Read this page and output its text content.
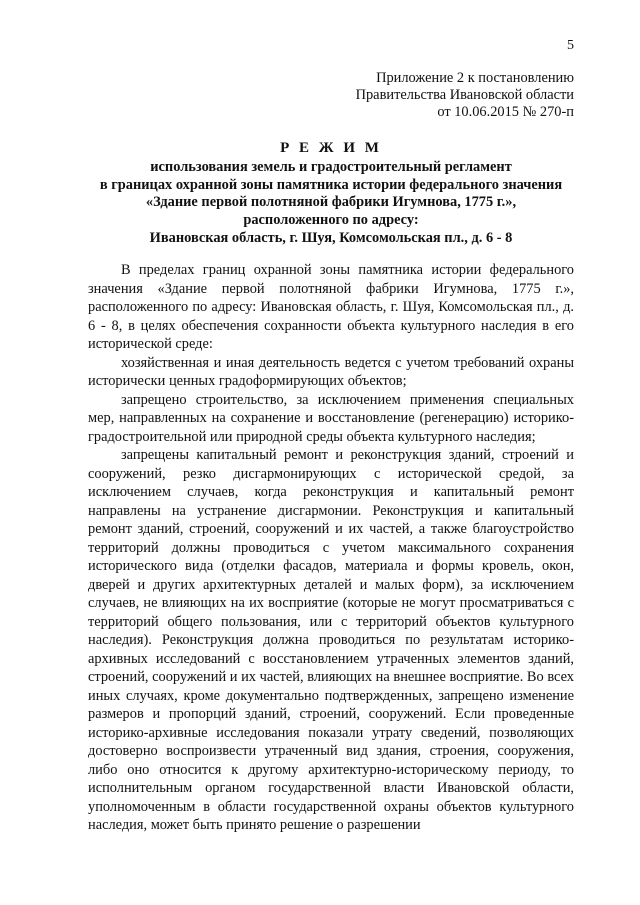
5
Приложение 2 к постановлению
Правительства Ивановской области
от 10.06.2015 № 270-п
Р Е Ж И М
использования земель и градостроительный регламент
в границах охранной зоны памятника истории федерального значения
«Здание первой полотняной фабрики Игумнова, 1775 г.»,
расположенного по адресу:
Ивановская область, г. Шуя, Комсомольская пл., д. 6 - 8

В пределах границ охранной зоны памятника истории федерального значения «Здание первой полотняной фабрики Игумнова, 1775 г.», расположенного по адресу: Ивановская область, г. Шуя, Комсомольская пл., д. 6 - 8, в целях обеспечения сохранности объекта культурного наследия в его исторической среде:

хозяйственная и иная деятельность ведется с учетом требований охраны исторически ценных градоформирующих объектов;

запрещено строительство, за исключением применения специальных мер, направленных на сохранение и восстановление (регенерацию) историко-градостроительной или природной среды объекта культурного наследия;

запрещены капитальный ремонт и реконструкция зданий, строений и сооружений, резко дисгармонирующих с исторической средой, за исключением случаев, когда реконструкция и капитальный ремонт направлены на устранение дисгармонии. Реконструкция и капитальный ремонт зданий, строений, сооружений и их частей, а также благоустройство территорий должны проводиться с учетом максимального сохранения исторического вида (отделки фасадов, материала и формы кровель, окон, дверей и других архитектурных деталей и малых форм), за исключением случаев, не влияющих на их восприятие (которые не могут просматриваться с территорий общего пользования, или с территорий объектов культурного наследия). Реконструкция должна проводиться по результатам историко-архивных исследований с восстановлением утраченных элементов зданий, строений, сооружений и их частей, влияющих на внешнее восприятие. Во всех иных случаях, кроме документально подтвержденных, запрещено изменение размеров и пропорций зданий, строений, сооружений. Если проведенные историко-архивные исследования показали утрату сведений, позволяющих достоверно воспроизвести утраченный вид здания, строения, сооружения, либо оно относится к другому архитектурно-историческому периоду, то исполнительным органом государственной власти Ивановской области, уполномоченным в области государственной охраны объектов культурного наследия, может быть принято решение о разрешении
